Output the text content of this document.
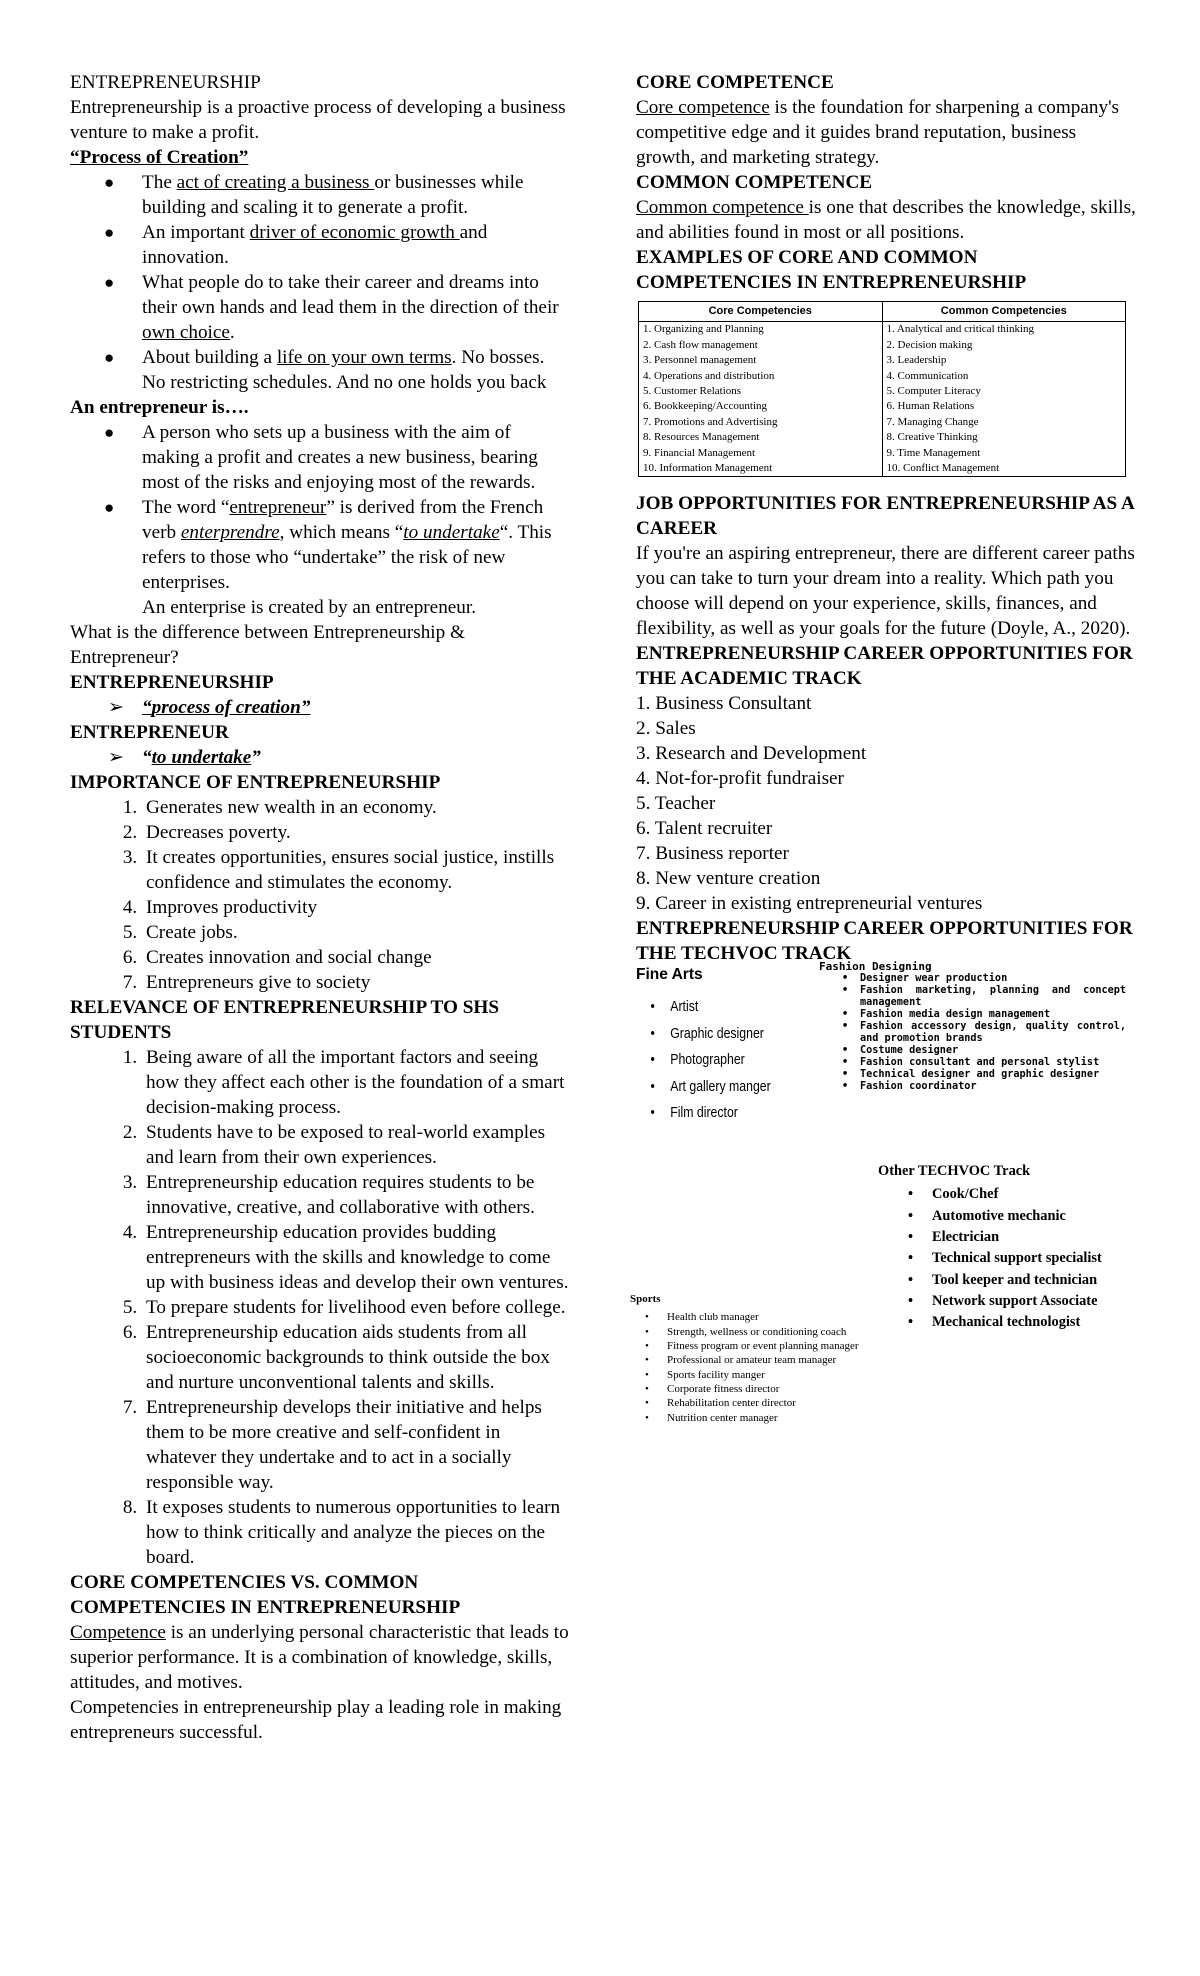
ENTREPRENEURSHIP

Entrepreneurship is a proactive process of developing a business venture to make a profit.

“Process of Creation”

● The act of creating a business or businesses while building and scaling it to generate a profit.
● An important driver of economic growth and innovation.
● What people do to take their career and dreams into their own hands and lead them in the direction of their own choice.
● About building a life on your own terms. No bosses. No restricting schedules. And no one holds you back

An entrepreneur is….

● A person who sets up a business with the aim of making a profit and creates a new business, bearing most of the risks and enjoying most of the rewards.
● The word “entrepreneur” is derived from the French verb enterprendre, which means “to undertake“. This refers to those who “undertake” the risk of new enterprises.

An enterprise is created by an entrepreneur.

What is the difference between Entrepreneurship & Entrepreneur?

ENTREPRENEURSHIP

➢ “process of creation”

ENTREPRENEUR

➢ “to undertake”

IMPORTANCE OF ENTREPRENEURSHIP

1. Generates new wealth in an economy.
2. Decreases poverty.
3. It creates opportunities, ensures social justice, instills confidence and stimulates the economy.
4. Improves productivity
5. Create jobs.
6. Creates innovation and social change
7. Entrepreneurs give to society

RELEVANCE OF ENTREPRENEURSHIP TO SHS STUDENTS

1. Being aware of all the important factors and seeing how they affect each other is the foundation of a smart decision-making process.
2. Students have to be exposed to real-world examples and learn from their own experiences.
3. Entrepreneurship education requires students to be innovative, creative, and collaborative with others.
4. Entrepreneurship education provides budding entrepreneurs with the skills and knowledge to come up with business ideas and develop their own ventures.
5. To prepare students for livelihood even before college.
6. Entrepreneurship education aids students from all socioeconomic backgrounds to think outside the box and nurture unconventional talents and skills.
7. Entrepreneurship develops their initiative and helps them to be more creative and self-confident in whatever they undertake and to act in a socially responsible way.
8. It exposes students to numerous opportunities to learn how to think critically and analyze the pieces on the board.

CORE COMPETENCIES VS. COMMON COMPETENCIES IN ENTREPRENEURSHIP

Competence is an underlying personal characteristic that leads to superior performance. It is a combination of knowledge, skills, attitudes, and motives.

Competencies in entrepreneurship play a leading role in making entrepreneurs successful.

CORE COMPETENCE

Core competence is the foundation for sharpening a company's competitive edge and it guides brand reputation, business growth, and marketing strategy.

COMMON COMPETENCE

Common competence is one that describes the knowledge, skills, and abilities found in most or all positions.

EXAMPLES OF CORE AND COMMON COMPETENCIES IN ENTREPRENEURSHIP

Core Competencies	Common Competencies
1. Organizing and Planning	1. Analytical and critical thinking
2. Cash flow management	2. Decision making
3. Personnel management	3. Leadership
4. Operations and distribution	4. Communication
5. Customer Relations	5. Computer Literacy
6. Bookkeeping/Accounting	6. Human Relations
7. Promotions and Advertising	7. Managing Change
8. Resources Management	8. Creative Thinking
9. Financial Management	9. Time Management
10. Information Management	10. Conflict Management

JOB OPPORTUNITIES FOR ENTREPRENEURSHIP AS A CAREER

If you're an aspiring entrepreneur, there are different career paths you can take to turn your dream into a reality. Which path you choose will depend on your experience, skills, finances, and flexibility, as well as your goals for the future (Doyle, A., 2020).

ENTREPRENEURSHIP CAREER OPPORTUNITIES FOR THE ACADEMIC TRACK

1. Business Consultant

2. Sales

3. Research and Development

4. Not-for-profit fundraiser

5. Teacher

6. Talent recruiter

7. Business reporter

8. New venture creation

9. Career in existing entrepreneurial ventures

ENTREPRENEURSHIP CAREER OPPORTUNITIES FOR THE TECHVOC TRACK

Fine Arts
• Artist
• Graphic designer
• Photographer
• Art gallery manger
• Film director
Fashion Designing
• Designer wear production
• Fashion marketing, planning and concept management
• Fashion media design management
• Fashion accessory design, quality control, and promotion brands
• Costume designer
• Fashion consultant and personal stylist
• Technical designer and graphic designer
• Fashion coordinator
Other TECHVOC Track
• Cook/Chef
• Automotive mechanic
• Electrician
• Technical support specialist
• Tool keeper and technician
• Network support Associate
• Mechanical technologist
Sports
• Health club manager
• Strength, wellness or conditioning coach
• Fitness program or event planning manager
• Professional or amateur team manager
• Sports facility manger
• Corporate fitness director
• Rehabilitation center director
• Nutrition center manager
